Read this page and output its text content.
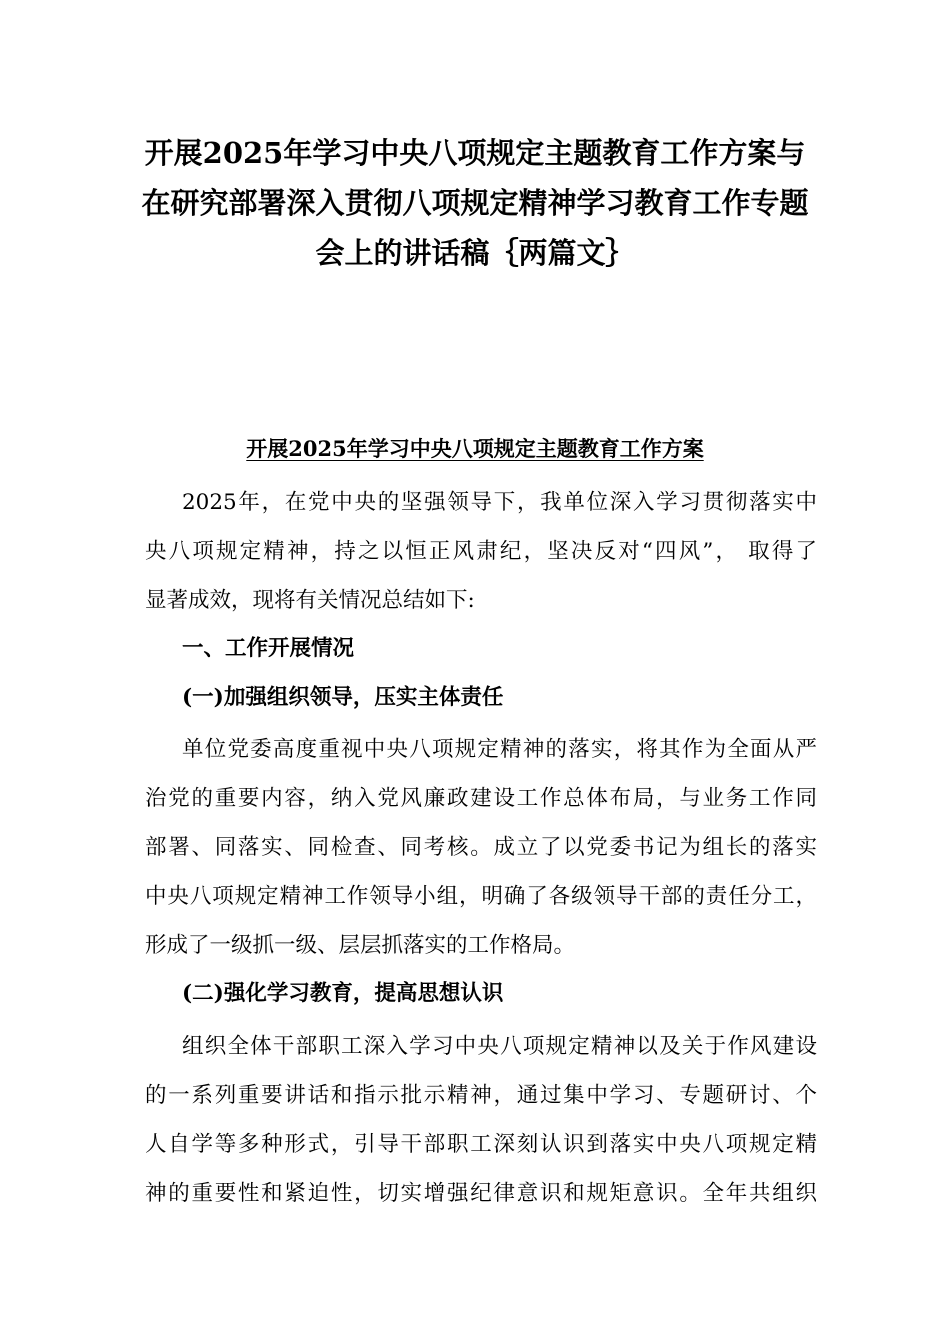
开展2025年学习中央八项规定主题教育工作方案与
在研究部署深入贯彻八项规定精神学习教育工作专题
会上的讲话稿｛两篇文｝
开展2025年学习中央八项规定主题教育工作方案

2025年，在党中央的坚强领导下，我单位深入学习贯彻落实中
央八项规定精神，持之以恒正风肃纪，坚决反对“四风”， 取得了
显著成效，现将有关情况总结如下:

一、工作开展情况
(一)加强组织领导，压实主体责任

单位党委高度重视中央八项规定精神的落实，将其作为全面从严
治党的重要内容，纳入党风廉政建设工作总体布局，与业务工作同
部署、同落实、同检查、同考核。成立了以党委书记为组长的落实
中央八项规定精神工作领导小组，明确了各级领导干部的责任分工，
形成了一级抓一级、层层抓落实的工作格局。

(二)强化学习教育，提高思想认识

组织全体干部职工深入学习中央八项规定精神以及关于作风建设
的一系列重要讲话和指示批示精神，通过集中学习、专题研讨、个
人自学等多种形式，引导干部职工深刻认识到落实中央八项规定精
神的重要性和紧迫性，切实增强纪律意识和规矩意识。全年共组织
